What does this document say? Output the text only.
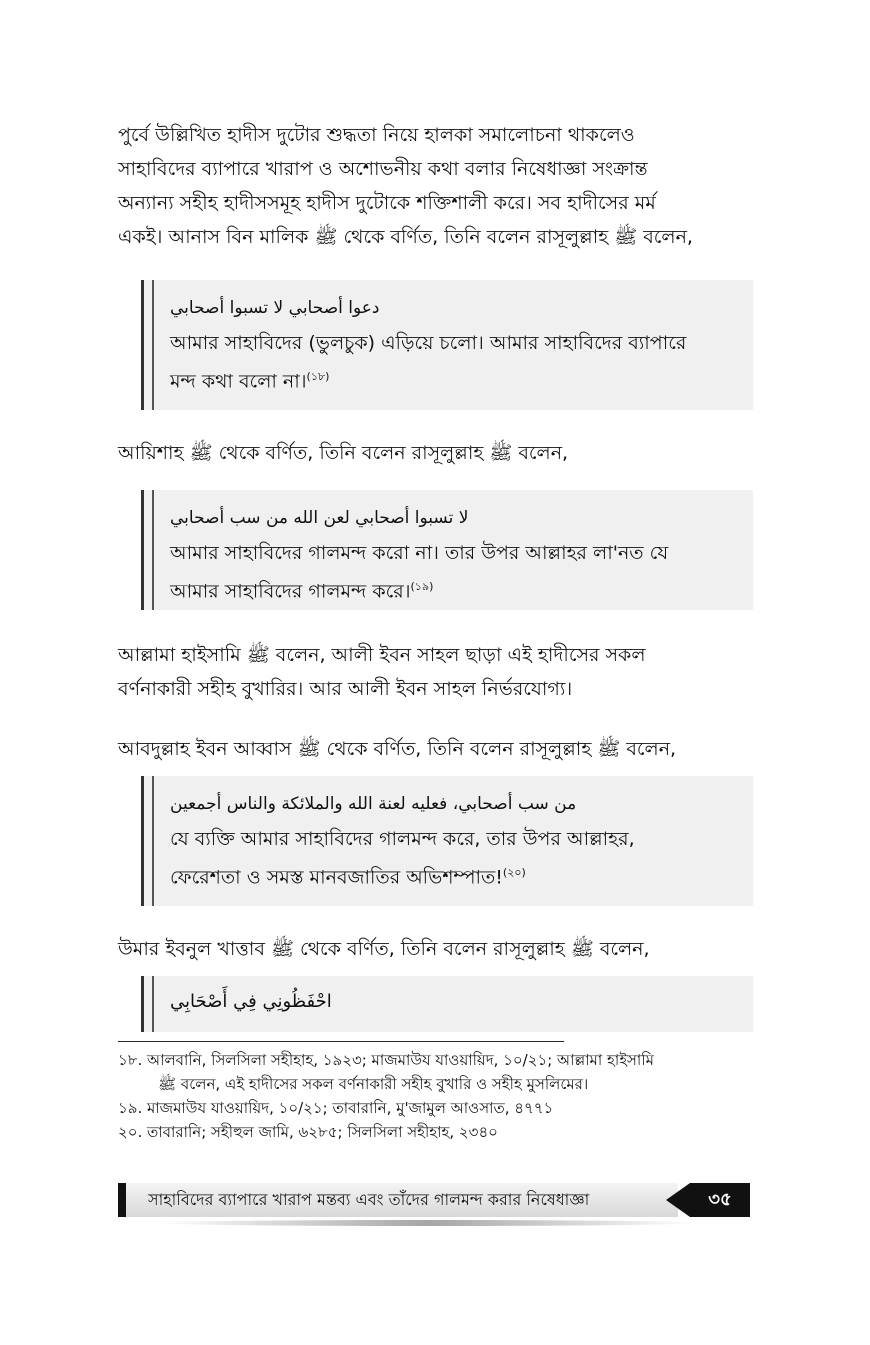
পুর্বে উল্লিখিত হাদীস দুটোর শুদ্ধতা নিয়ে হালকা সমালোচনা থাকলেও
সাহাবিদের ব্যাপারে খারাপ ও অশোভনীয় কথা বলার নিষেধাজ্ঞা সংক্রান্ত
অন্যান্য সহীহ হাদীসসমূহ হাদীস দুটোকে শক্তিশালী করে। সব হাদীসের মর্ম
একই। আনাস বিন মালিক ﷺ থেকে বর্ণিত, তিনি বলেন রাসূলুল্লাহ ﷺ বলেন,

دعوا أصحابي لا تسبوا أصحابي

আমার সাহাবিদের (ভুলচুক) এড়িয়ে চলো। আমার সাহাবিদের ব্যাপারে
মন্দ কথা বলো না।$^{(১৮)}$

আয়িশাহ ﷺ থেকে বর্ণিত, তিনি বলেন রাসূলুল্লাহ ﷺ বলেন,

لا تسبوا أصحابي لعن الله من سب أصحابي

আমার সাহাবিদের গালমন্দ করো না। তার উপর আল্লাহর লা'নত যে
আমার সাহাবিদের গালমন্দ করে।$^{(১৯)}$

আল্লামা হাইসামি ﷺ বলেন, আলী ইবন সাহল ছাড়া এই হাদীসের সকল
বর্ণনাকারী সহীহ বুখারির। আর আলী ইবন সাহল নির্ভরযোগ্য।

আবদুল্লাহ ইবন আব্বাস ﷺ থেকে বর্ণিত, তিনি বলেন রাসূলুল্লাহ ﷺ বলেন,

من سب أصحابي، فعليه لعنة الله والملائكة والناس أجمعين

যে ব্যক্তি আমার সাহাবিদের গালমন্দ করে, তার উপর আল্লাহর,
ফেরেশতা ও সমস্ত মানবজাতির অভিশম্পাত!$^{(২০)}$

উমার ইবনুল খাত্তাব ﷺ থেকে বর্ণিত, তিনি বলেন রাসূলুল্লাহ ﷺ বলেন,

احْفَظُونِي فِي أَصْحَابِي

১৮. আলবানি, সিলসিলা সহীহাহ, ১৯২৩; মাজমাউয যাওয়ায়িদ, ১০/২১; আল্লামা হাইসামি
ﷺ বলেন, এই হাদীসের সকল বর্ণনাকারী সহীহ বুখারি ও সহীহ মুসলিমের।
১৯. মাজমাউয যাওয়ায়িদ, ১০/২১; তাবারানি, মু'জামুল আওসাত, ৪৭৭১
২০. তাবারানি; সহীহুল জামি, ৬২৮৫; সিলসিলা সহীহাহ, ২৩৪০

সাহাবিদের ব্যাপারে খারাপ মন্তব্য এবং তাঁদের গালমন্দ করার নিষেধাজ্ঞা	৩৫
